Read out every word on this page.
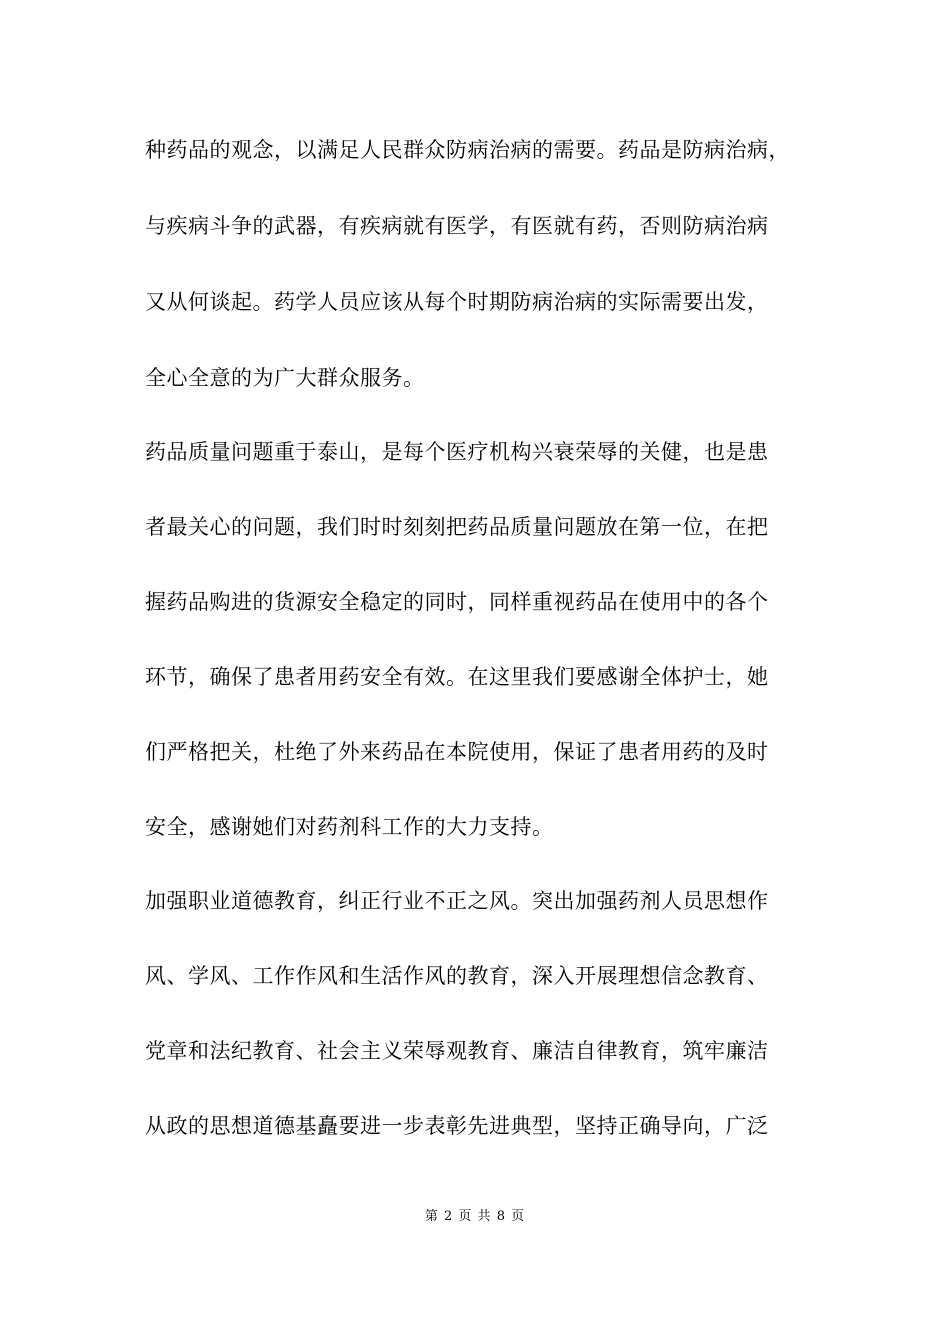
种药品的观念，以满足人民群众防病治病的需要。药品是防病治病，
与疾病斗争的武器，有疾病就有医学，有医就有药，否则防病治病
又从何谈起。药学人员应该从每个时期防病治病的实际需要出发，
全心全意的为广大群众服务。
药品质量问题重于泰山，是每个医疗机构兴衰荣辱的关健，也是患
者最关心的问题，我们时时刻刻把药品质量问题放在第一位，在把
握药品购进的货源安全稳定的同时，同样重视药品在使用中的各个
环节，确保了患者用药安全有效。在这里我们要感谢全体护士，她
们严格把关，杜绝了外来药品在本院使用，保证了患者用药的及时
安全，感谢她们对药剂科工作的大力支持。
加强职业道德教育，纠正行业不正之风。突出加强药剂人员思想作
风、学风、工作作风和生活作风的教育，深入开展理想信念教育、
党章和法纪教育、社会主义荣辱观教育、廉洁自律教育，筑牢廉洁
从政的思想道德基矗要进一步表彰先进典型，坚持正确导向，广泛
第 2 页 共 8 页
